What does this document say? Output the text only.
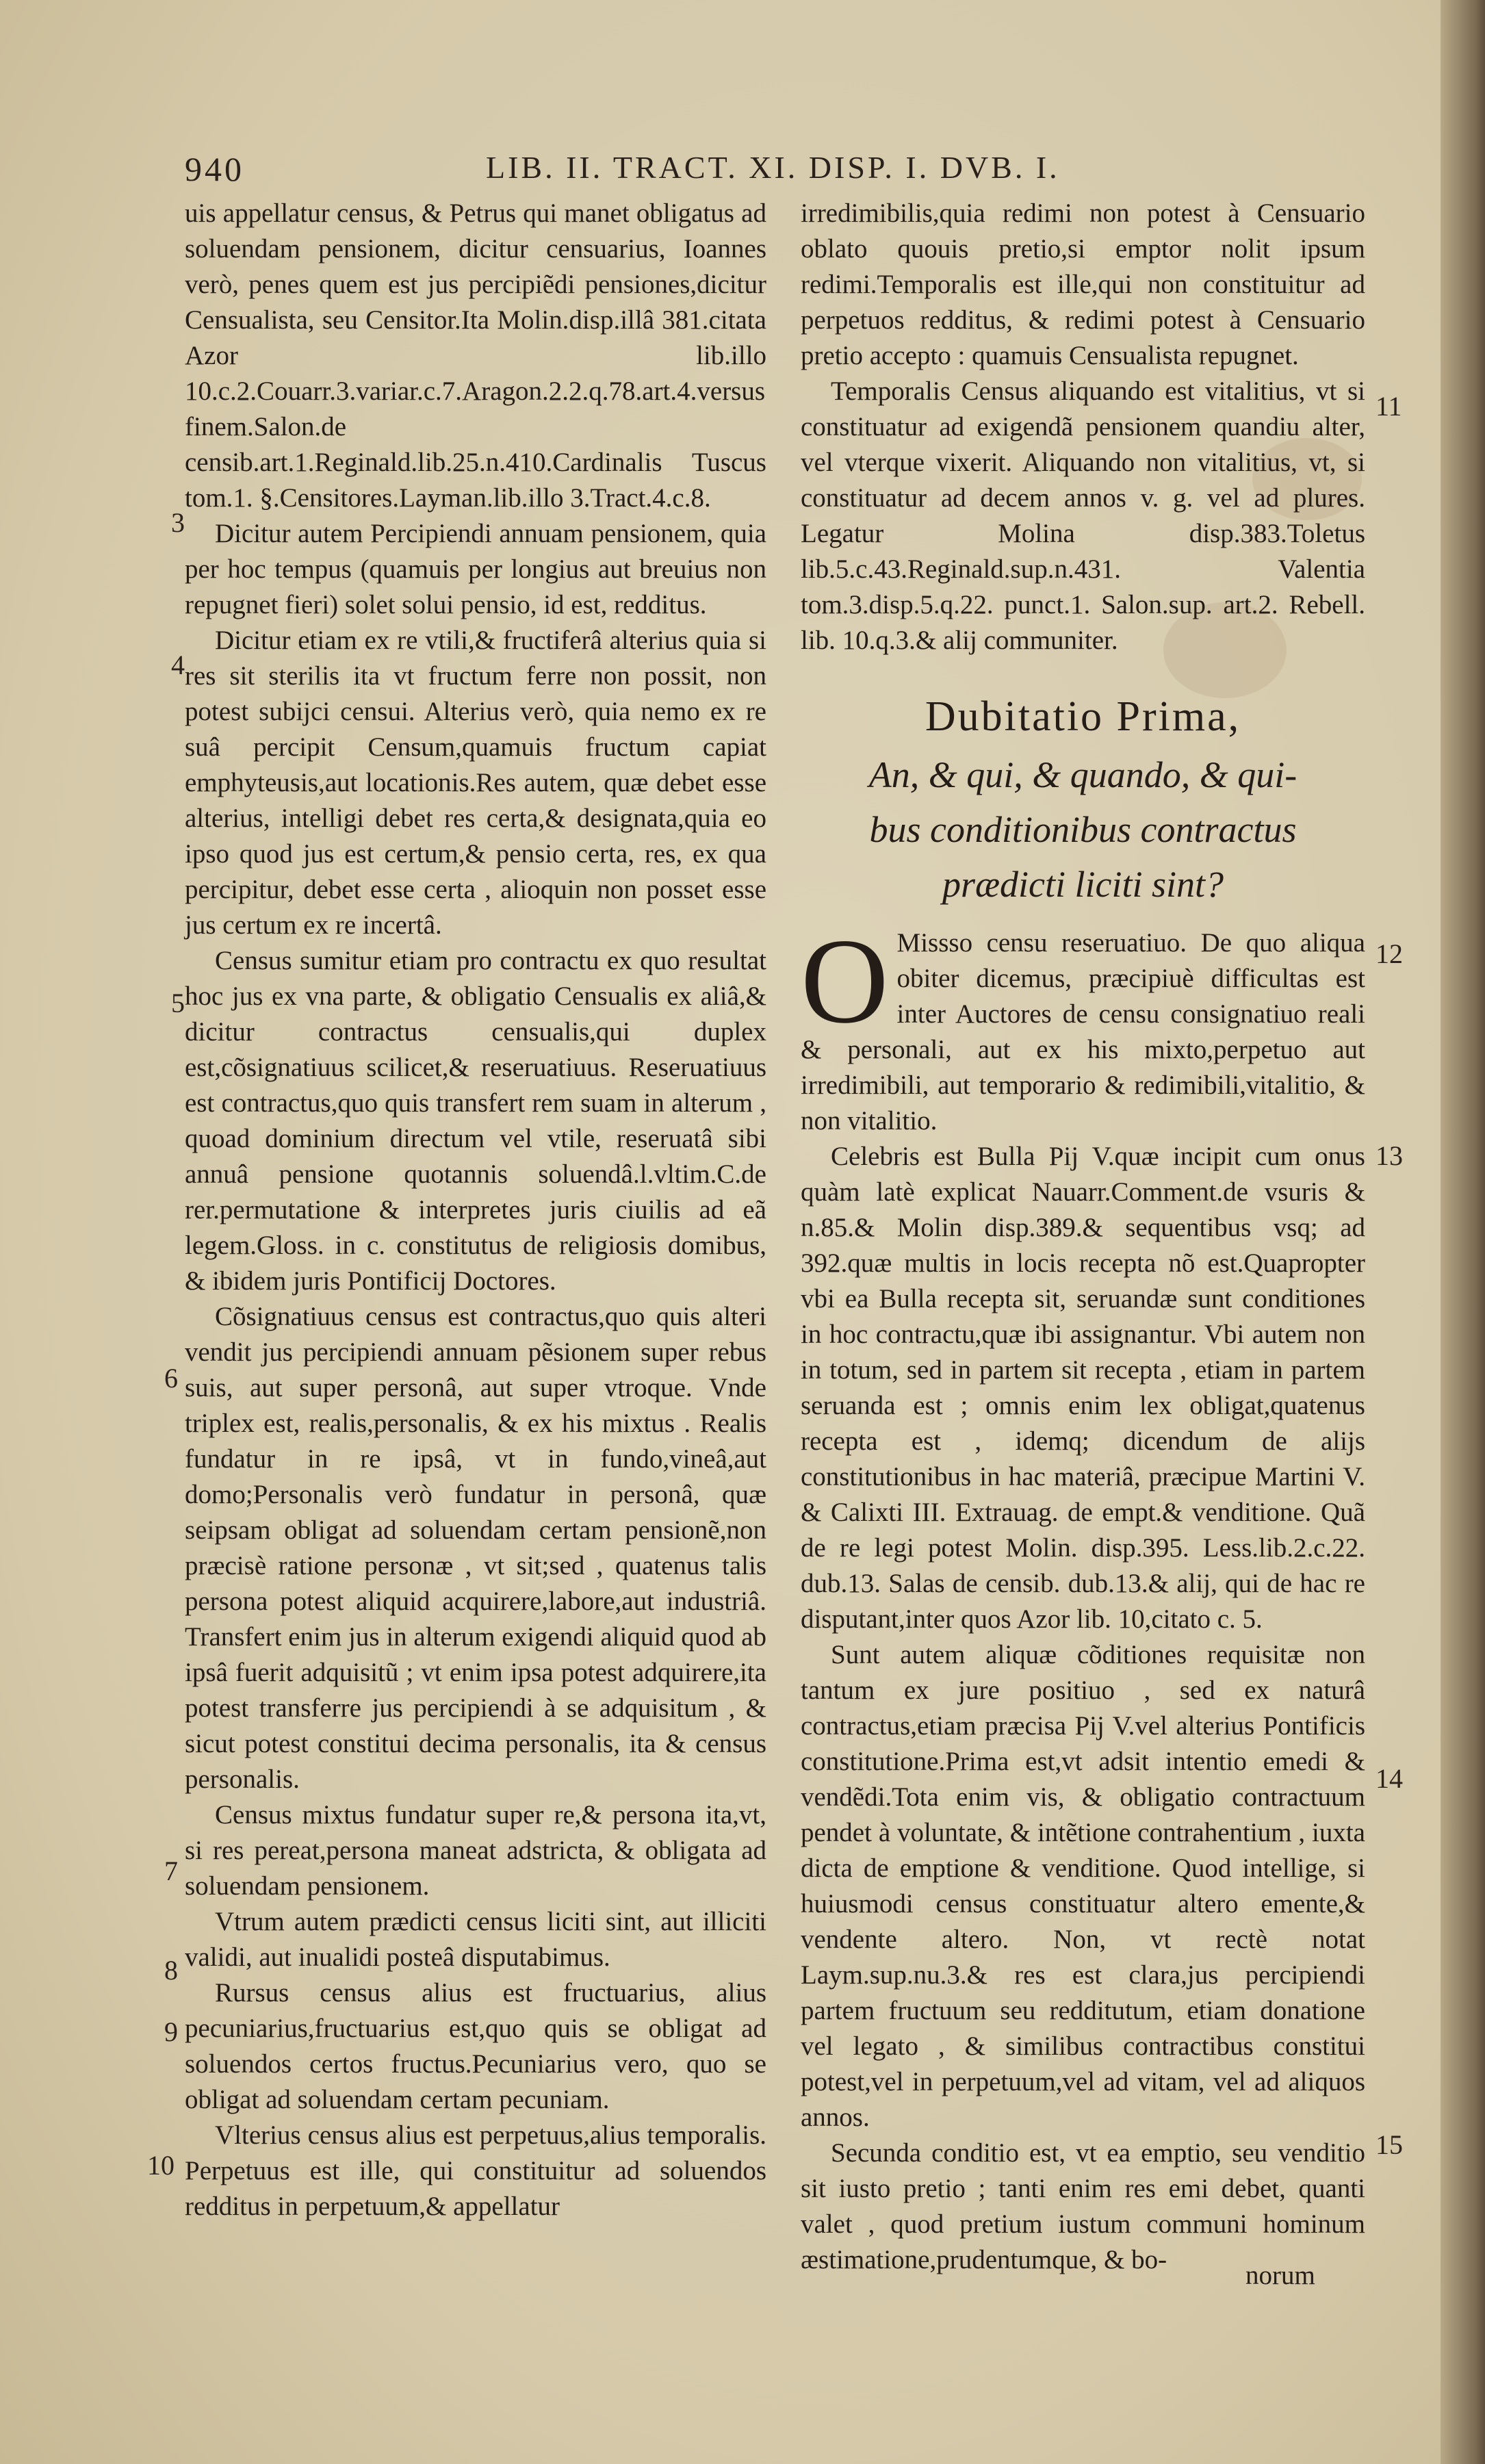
940	LIB. II. TRACT. XI. DISP. I. DVB. I.
3
4
5
6
7
8
9
10
11
12
13
14
15

uis appellatur census, & Petrus qui manet obligatus ad soluendam pensionem, dicitur censuarius, Ioannes verò, penes quem est jus percipiẽdi pensiones,dicitur Censualista, seu Censitor.Ita Molin.disp.illâ 381.citata Azor lib.illo 10.c.2.Couarr.3.variar.c.7.Aragon.2.2.q.78.art.4.versus finem.Salon.de censib.art.1.Reginald.lib.25.n.410.Cardinalis Tuscus tom.1. §.Censitores.Layman.lib.illo 3.Tract.4.c.8.

Dicitur autem Percipiendi annuam pensionem, quia per hoc tempus (quamuis per longius aut breuius non repugnet fieri) solet solui pensio, id est, redditus.

Dicitur etiam ex re vtili,& fructiferâ alterius quia si res sit sterilis ita vt fructum ferre non possit, non potest subijci censui. Alterius verò, quia nemo ex re suâ percipit Censum,quamuis fructum capiat emphyteusis,aut locationis.Res autem, quæ debet esse alterius, intelligi debet res certa,& designata,quia eo ipso quod jus est certum,& pensio certa, res, ex qua percipitur, debet esse certa , alioquin non posset esse jus certum ex re incertâ.

Census sumitur etiam pro contractu ex quo resultat hoc jus ex vna parte, & obligatio Censualis ex aliâ,& dicitur contractus censualis,qui duplex est,cõsignatiuus scilicet,& reseruatiuus. Reseruatiuus est contractus,quo quis transfert rem suam in alterum , quoad dominium directum vel vtile, reseruatâ sibi annuâ pensione quotannis soluendâ.l.vltim.C.de rer.permutatione & interpretes juris ciuilis ad eã legem.Gloss. in c. constitutus de religiosis domibus, & ibidem juris Pontificij Doctores.

Cõsignatiuus census est contractus,quo quis alteri vendit jus percipiendi annuam pẽsionem super rebus suis, aut super personâ, aut super vtroque. Vnde triplex est, realis,personalis, & ex his mixtus . Realis fundatur in re ipsâ, vt in fundo,vineâ,aut domo;Personalis verò fundatur in personâ, quæ seipsam obligat ad soluendam certam pensionẽ,non præcisè ratione personæ , vt sit;sed , quatenus talis persona potest aliquid acquirere,labore,aut industriâ. Transfert enim jus in alterum exigendi aliquid quod ab ipsâ fuerit adquisitũ ; vt enim ipsa potest adquirere,ita potest transferre jus percipiendi à se adquisitum , & sicut potest constitui decima personalis, ita & census personalis.

Census mixtus fundatur super re,& persona ita,vt, si res pereat,persona maneat adstricta, & obligata ad soluendam pensionem.

Vtrum autem prædicti census liciti sint, aut illiciti validi, aut inualidi posteâ disputabimus.

Rursus census alius est fructuarius, alius pecuniarius,fructuarius est,quo quis se obligat ad soluendos certos fructus.Pecuniarius vero, quo se obligat ad soluendam certam pecuniam.

Vlterius census alius est perpetuus,alius temporalis. Perpetuus est ille, qui constituitur ad soluendos redditus in perpetuum,& appellatur

irredimibilis,quia redimi non potest à Censuario oblato quouis pretio,si emptor nolit ipsum redimi.Temporalis est ille,qui non constituitur ad perpetuos redditus, & redimi potest à Censuario pretio accepto : quamuis Censualista repugnet.

Temporalis Census aliquando est vitalitius, vt si constituatur ad exigendã pensionem quandiu alter, vel vterque vixerit. Aliquando non vitalitius, vt, si constituatur ad decem annos v. g. vel ad plures. Legatur Molina disp.383.Toletus lib.5.c.43.Reginald.sup.n.431. Valentia tom.3.disp.5.q.22. punct.1. Salon.sup. art.2. Rebell. lib. 10.q.3.& alij communiter.

Dubitatio Prima,
An, & qui, & quando, & qui-
bus conditionibus contractus
prædicti liciti sint?

O Missso censu reseruatiuo. De quo aliqua obiter dicemus, præcipiuè difficultas est inter Auctores de censu consignatiuo reali & personali, aut ex his mixto,perpetuo aut irredimibili, aut temporario & redimibili,vitalitio, & non vitalitio.

Celebris est Bulla Pij V.quæ incipit cum onus quàm latè explicat Nauarr.Comment.de vsuris & n.85.& Molin disp.389.& sequentibus vsq; ad 392.quæ multis in locis recepta nõ est.Quapropter vbi ea Bulla recepta sit, seruandæ sunt conditiones in hoc contractu,quæ ibi assignantur. Vbi autem non in totum, sed in partem sit recepta , etiam in partem seruanda est ; omnis enim lex obligat,quatenus recepta est , idemq; dicendum de alijs constitutionibus in hac materiâ, præcipue Martini V. & Calixti III. Extrauag. de empt.& venditione. Quã de re legi potest Molin. disp.395. Less.lib.2.c.22. dub.13. Salas de censib. dub.13.& alij, qui de hac re disputant,inter quos Azor lib. 10,citato c. 5.

Sunt autem aliquæ cõditiones requisitæ non tantum ex jure positiuo , sed ex naturâ contractus,etiam præcisa Pij V.vel alterius Pontificis constitutione.Prima est,vt adsit intentio emedi & vendẽdi.Tota enim vis, & obligatio contractuum pendet à voluntate, & intẽtione contrahentium , iuxta dicta de emptione & venditione. Quod intellige, si huiusmodi census constituatur altero emente,& vendente altero. Non, vt rectè notat Laym.sup.nu.3.& res est clara,jus percipiendi partem fructuum seu redditutum, etiam donatione vel legato , & similibus contractibus constitui potest,vel in perpetuum,vel ad vitam, vel ad aliquos annos.

Secunda conditio est, vt ea emptio, seu venditio sit iusto pretio ; tanti enim res emi debet, quanti valet , quod pretium iustum communi hominum æstimatione,prudentumque, & bo-

norum
